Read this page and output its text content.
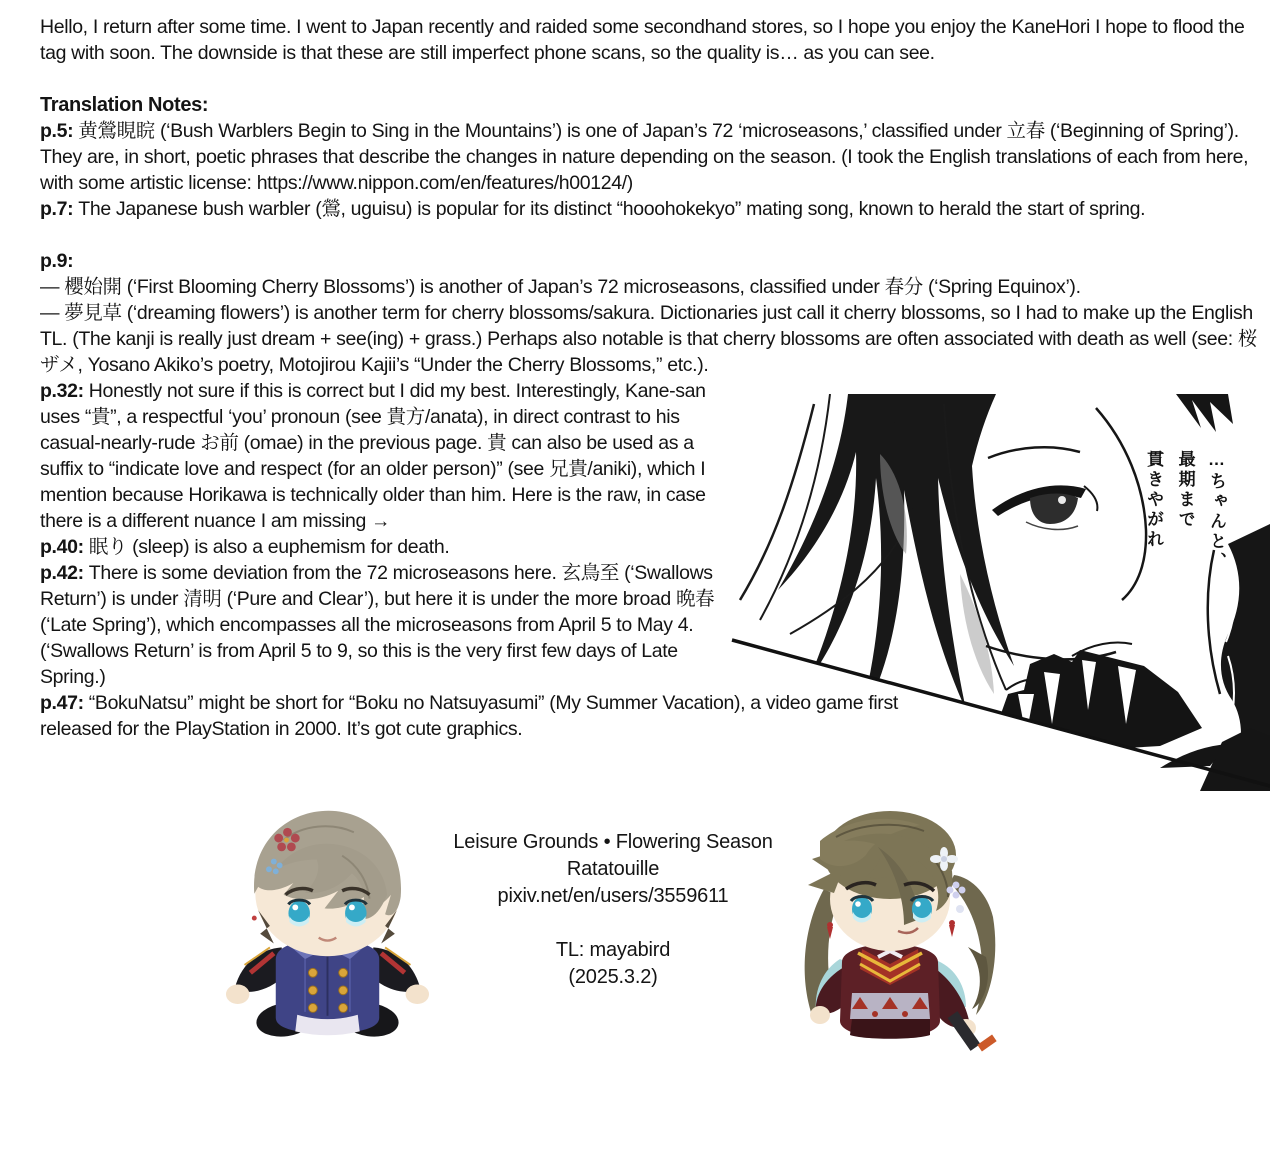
Hello, I return after some time. I went to Japan recently and raided some secondhand stores, so I hope you enjoy the KaneHori I hope to flood the tag with soon. The downside is that these are still imperfect phone scans, so the quality is… as you can see.

Translation Notes:

p.5: 黄鶯睍睆 (‘Bush Warblers Begin to Sing in the Mountains’) is one of Japan’s 72 ‘microseasons,’ classified under 立春 (‘Beginning of Spring’). They are, in short, poetic phrases that describe the changes in nature depending on the season. (I took the English translations of each from here, with some artistic license: https://www.nippon.com/en/features/h00124/)

p.7: The Japanese bush warbler (鶯, uguisu) is popular for its distinct “hooohokekyo” mating song, known to herald the start of spring.

p.9:

— 櫻始開 (‘First Blooming Cherry Blossoms’) is another of Japan’s 72 microseasons, classified under 春分 (‘Spring Equinox’).

— 夢見草 (‘dreaming flowers’) is another term for cherry blossoms/sakura. Dictionaries just call it cherry blossoms, so I had to make up the English TL. (The kanji is really just dream + see(ing) + grass.) Perhaps also notable is that cherry blossoms are often associated with death as well (see: 桜ザメ, Yosano Akiko’s poetry, Motojirou Kajii’s “Under the Cherry Blossoms,” etc.).

…ちゃんと、
最期まで
貫きやがれ

p.32: Honestly not sure if this is correct but I did my best. Interestingly, Kane-san uses “貴”, a respectful ‘you’ pronoun (see 貴方/anata), in direct contrast to his casual-nearly-rude お前 (omae) in the previous page. 貴 can also be used as a suffix to “indicate love and respect (for an older person)” (see 兄貴/aniki), which I mention because Horikawa is technically older than him. Here is the raw, in case there is a different nuance I am missing →

p.40: 眠り (sleep) is also a euphemism for death.

p.42: There is some deviation from the 72 microseasons here. 玄鳥至 (‘Swallows Return’) is under 清明 (‘Pure and Clear’), but here it is under the more broad 晩春 (‘Late Spring’), which encompasses all the microseasons from April 5 to May 4. (‘Swallows Return’ is from April 5 to 9, so this is the very first few days of Late Spring.)

p.47: “BokuNatsu” might be short for “Boku no Natsuyasumi” (My Summer Vacation), a video game first released for the PlayStation in 2000. It’s got cute graphics.

Leisure Grounds • Flowering Season
Ratatouille
pixiv.net/en/users/3559611
TL: mayabird
(2025.3.2)
